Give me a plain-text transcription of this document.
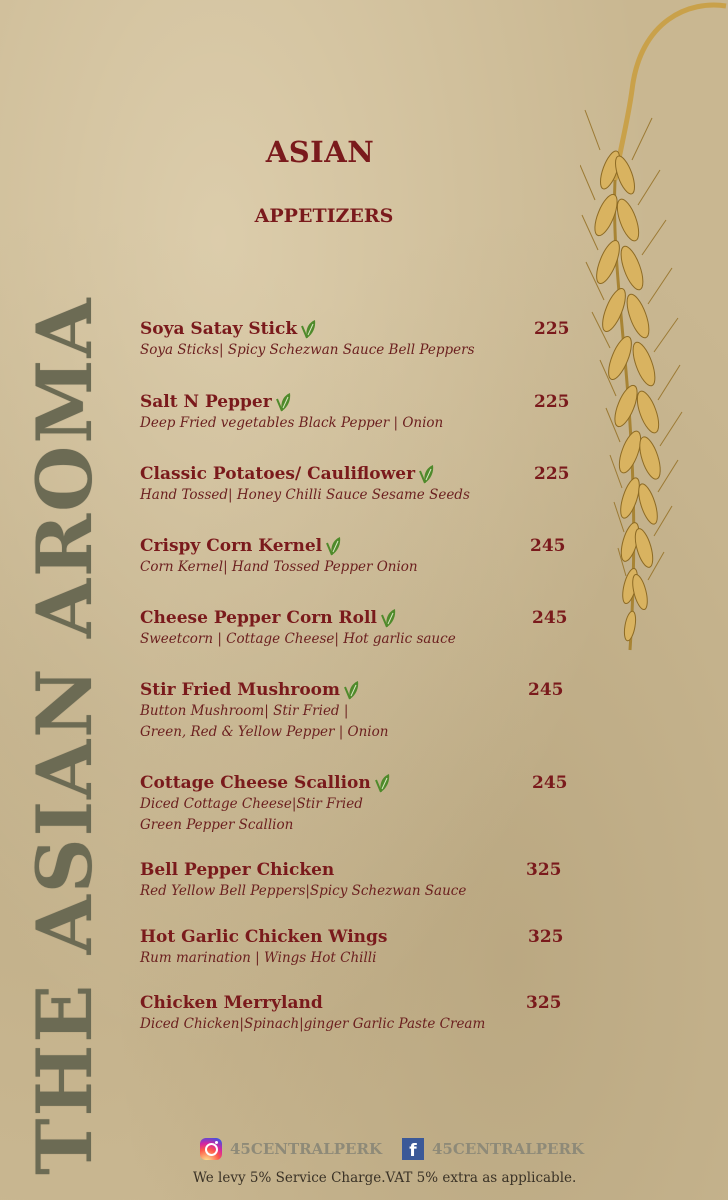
ASIAN
APPETIZERS
THE ASIAN AROMA Soya Satay Stick
Soya Sticks| Spicy Schezwan Sauce Bell Peppers
225
Salt N Pepper
Deep Fried vegetables Black Pepper | Onion
225
Classic Potatoes/ Cauliflower
Hand Tossed| Honey Chilli Sauce Sesame Seeds
225
Crispy Corn Kernel
Corn Kernel| Hand Tossed Pepper Onion
245
Cheese Pepper Corn Roll
Sweetcorn | Cottage Cheese| Hot garlic sauce
245
Stir Fried Mushroom
Button Mushroom| Stir Fried |
Green, Red & Yellow Pepper | Onion
245
Cottage Cheese Scallion
Diced Cottage Cheese|Stir Fried
Green Pepper Scallion
245
Bell Pepper Chicken
Red Yellow Bell Peppers|Spicy Schezwan Sauce
325
Hot Garlic Chicken Wings
Rum marination | Wings Hot Chilli
325
Chicken Merryland
Diced Chicken|Spinach|ginger Garlic Paste Cream
325
45CENTRALPERK	f	45CENTRALPERK
We levy 5% Service Charge.VAT 5% extra as applicable.
